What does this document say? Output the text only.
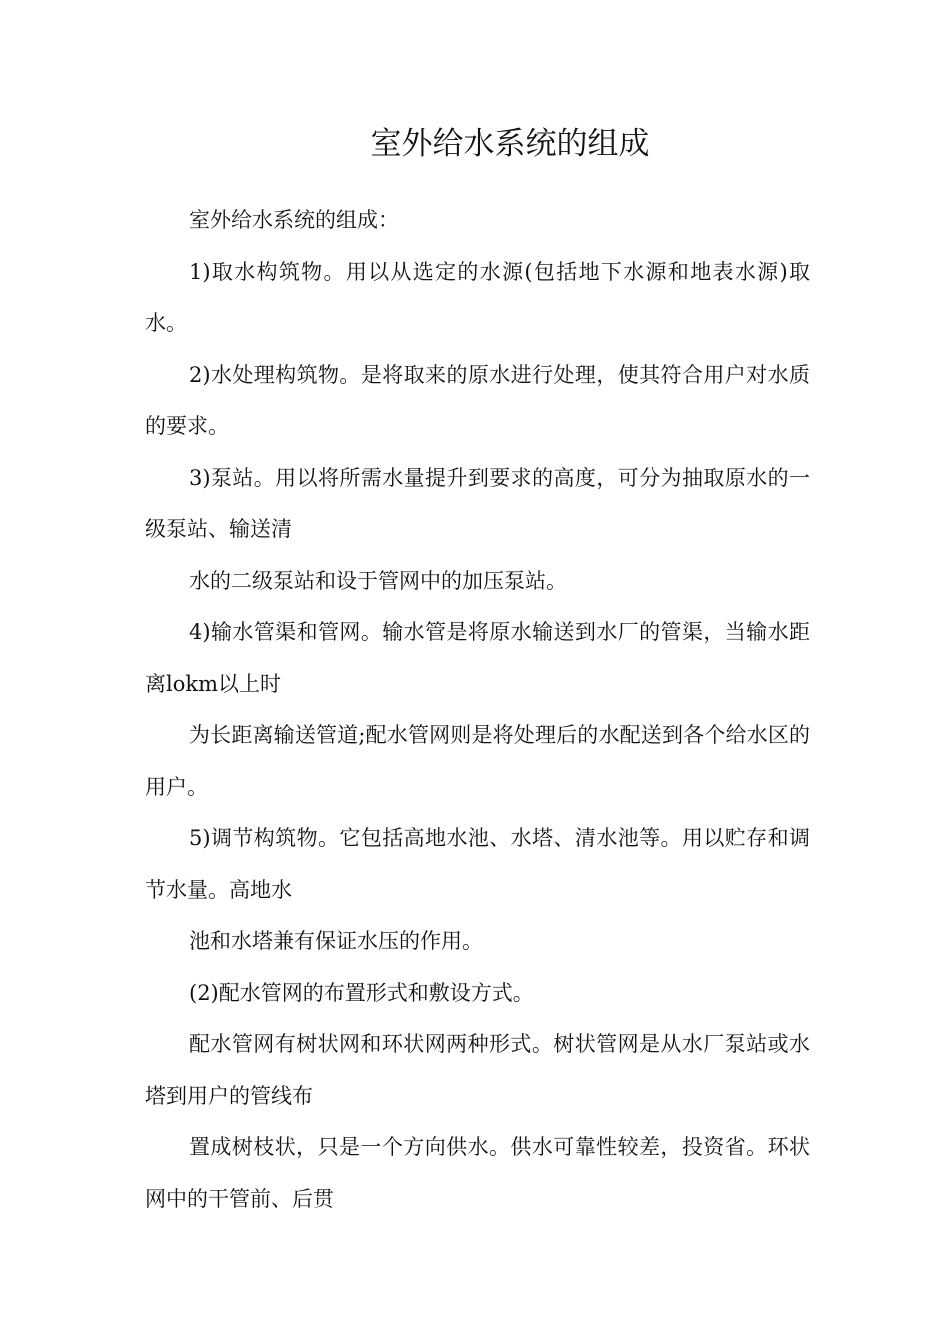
室外给水系统的组成

室外给水系统的组成：

1)取水构筑物。用以从选定的水源(包括地下水源和地表水源)取水。

2)水处理构筑物。是将取来的原水进行处理，使其符合用户对水质的要求。

3)泵站。用以将所需水量提升到要求的高度，可分为抽取原水的一级泵站、输送清

水的二级泵站和设于管网中的加压泵站。

4)输水管渠和管网。输水管是将原水输送到水厂的管渠，当输水距离lokm以上时

为长距离输送管道;配水管网则是将处理后的水配送到各个给水区的用户。

5)调节构筑物。它包括高地水池、水塔、清水池等。用以贮存和调节水量。高地水

池和水塔兼有保证水压的作用。

(2)配水管网的布置形式和敷设方式。

配水管网有树状网和环状网两种形式。树状管网是从水厂泵站或水塔到用户的管线布

置成树枝状，只是一个方向供水。供水可靠性较差，投资省。环状网中的干管前、后贯
